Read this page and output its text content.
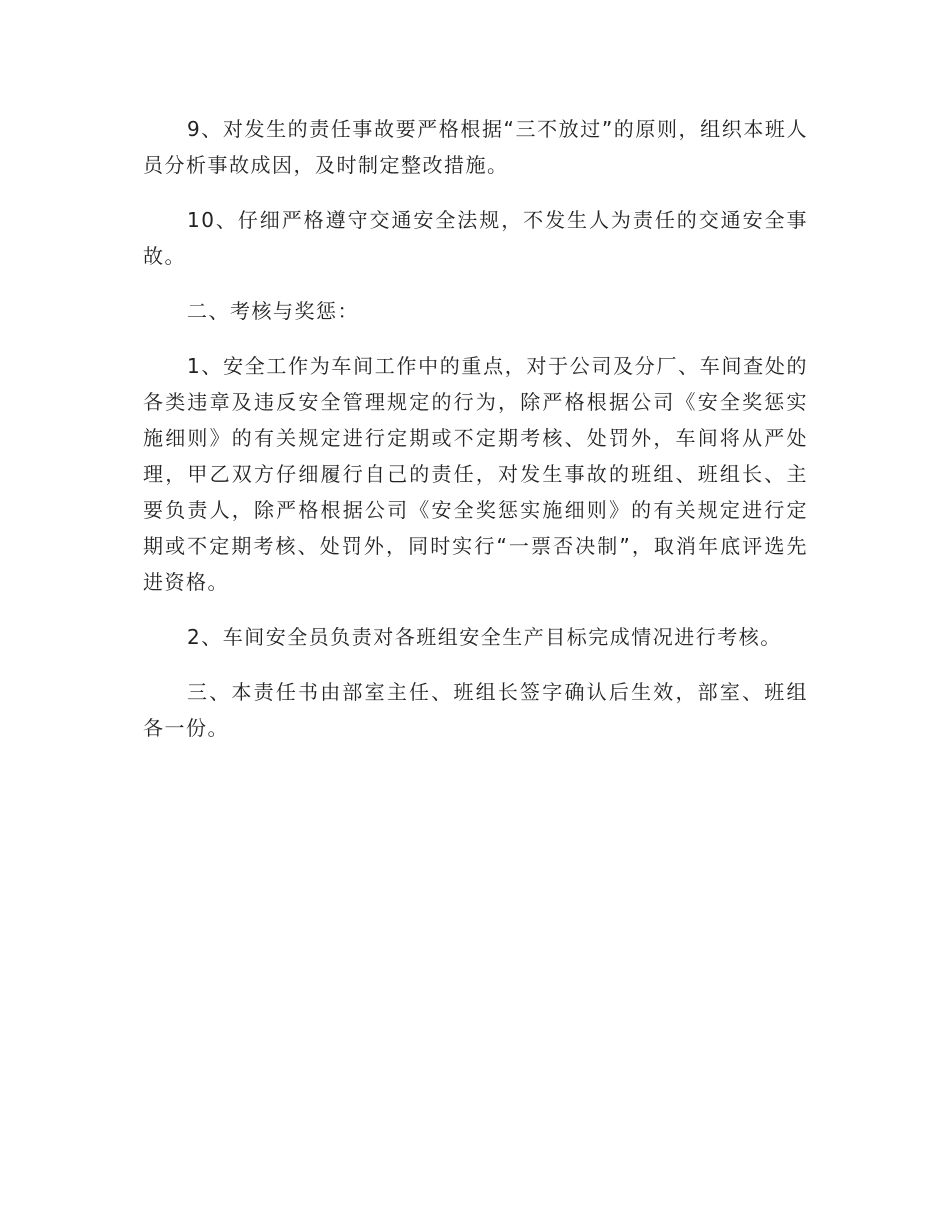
9、对发生的责任事故要严格根据“三不放过”的原则，组织本班人员分析事故成因，及时制定整改措施。

10、仔细严格遵守交通安全法规，不发生人为责任的交通安全事故。

二、考核与奖惩：

1、安全工作为车间工作中的重点，对于公司及分厂、车间查处的各类违章及违反安全管理规定的行为，除严格根据公司《安全奖惩实施细则》的有关规定进行定期或不定期考核、处罚外，车间将从严处理，甲乙双方仔细履行自己的责任，对发生事故的班组、班组长、主要负责人，除严格根据公司《安全奖惩实施细则》的有关规定进行定期或不定期考核、处罚外，同时实行“一票否决制”，取消年底评选先进资格。

2、车间安全员负责对各班组安全生产目标完成情况进行考核。

三、本责任书由部室主任、班组长签字确认后生效，部室、班组各一份。
